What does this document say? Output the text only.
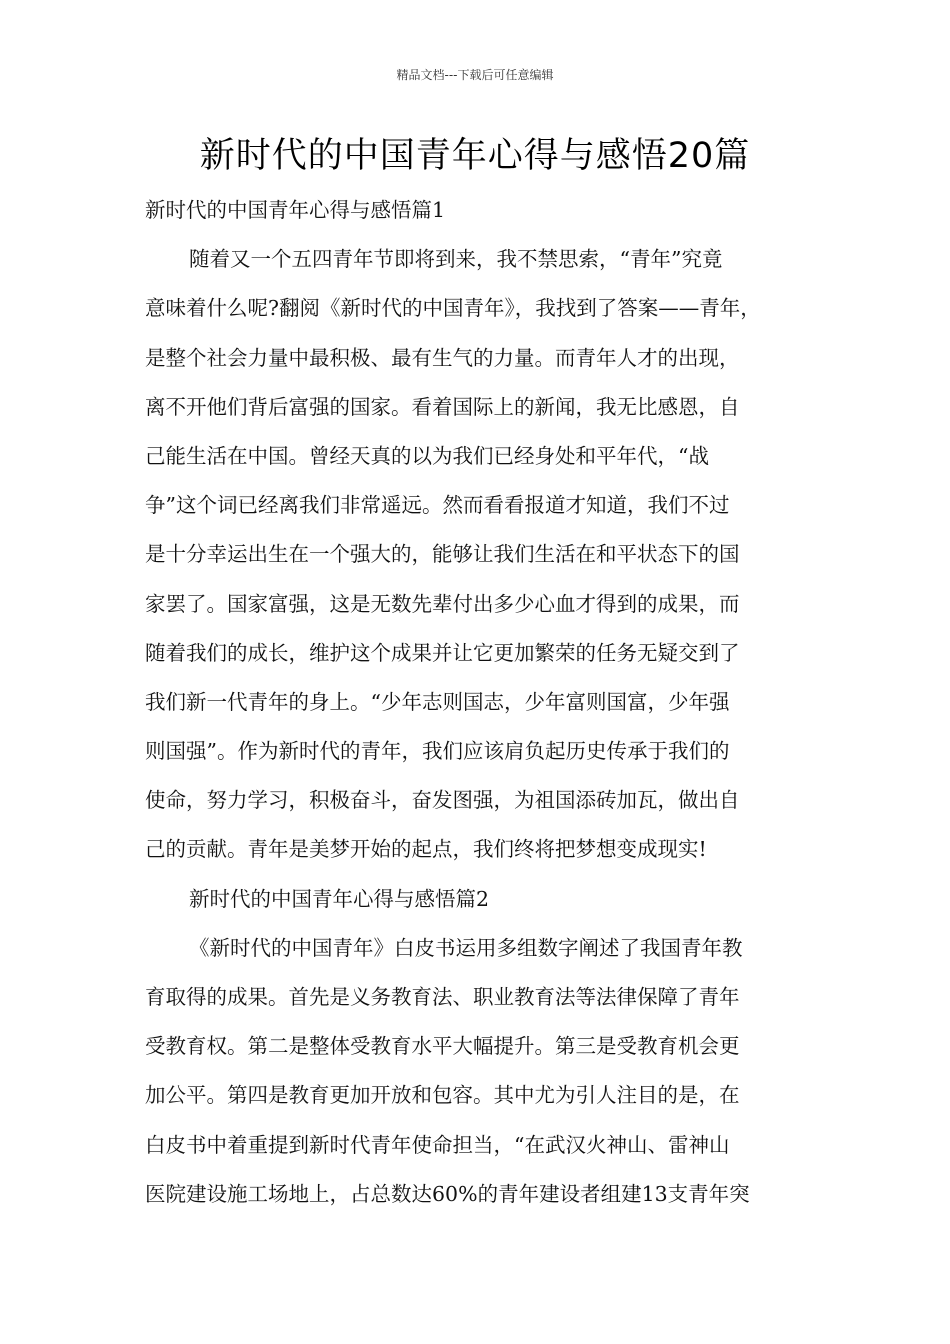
精品文档---下载后可任意编辑
新时代的中国青年心得与感悟20篇
新时代的中国青年心得与感悟篇1
随着又一个五四青年节即将到来，我不禁思索，“青年”究竟
意味着什么呢?翻阅《新时代的中国青年》，我找到了答案——青年，
是整个社会力量中最积极、最有生气的力量。而青年人才的出现，
离不开他们背后富强的国家。看着国际上的新闻，我无比感恩，自
己能生活在中国。曾经天真的以为我们已经身处和平年代，“战
争”这个词已经离我们非常遥远。然而看看报道才知道，我们不过
是十分幸运出生在一个强大的，能够让我们生活在和平状态下的国
家罢了。国家富强，这是无数先辈付出多少心血才得到的成果，而
随着我们的成长，维护这个成果并让它更加繁荣的任务无疑交到了
我们新一代青年的身上。“少年志则国志，少年富则国富，少年强
则国强”。作为新时代的青年，我们应该肩负起历史传承于我们的
使命，努力学习，积极奋斗，奋发图强，为祖国添砖加瓦，做出自
己的贡献。青年是美梦开始的起点，我们终将把梦想变成现实!
新时代的中国青年心得与感悟篇2
《新时代的中国青年》白皮书运用多组数字阐述了我国青年教
育取得的成果。首先是义务教育法、职业教育法等法律保障了青年
受教育权。第二是整体受教育水平大幅提升。第三是受教育机会更
加公平。第四是教育更加开放和包容。其中尤为引人注目的是，在
白皮书中着重提到新时代青年使命担当，“在武汉火神山、雷神山
医院建设施工场地上，占总数达60%的青年建设者组建13支青年突
